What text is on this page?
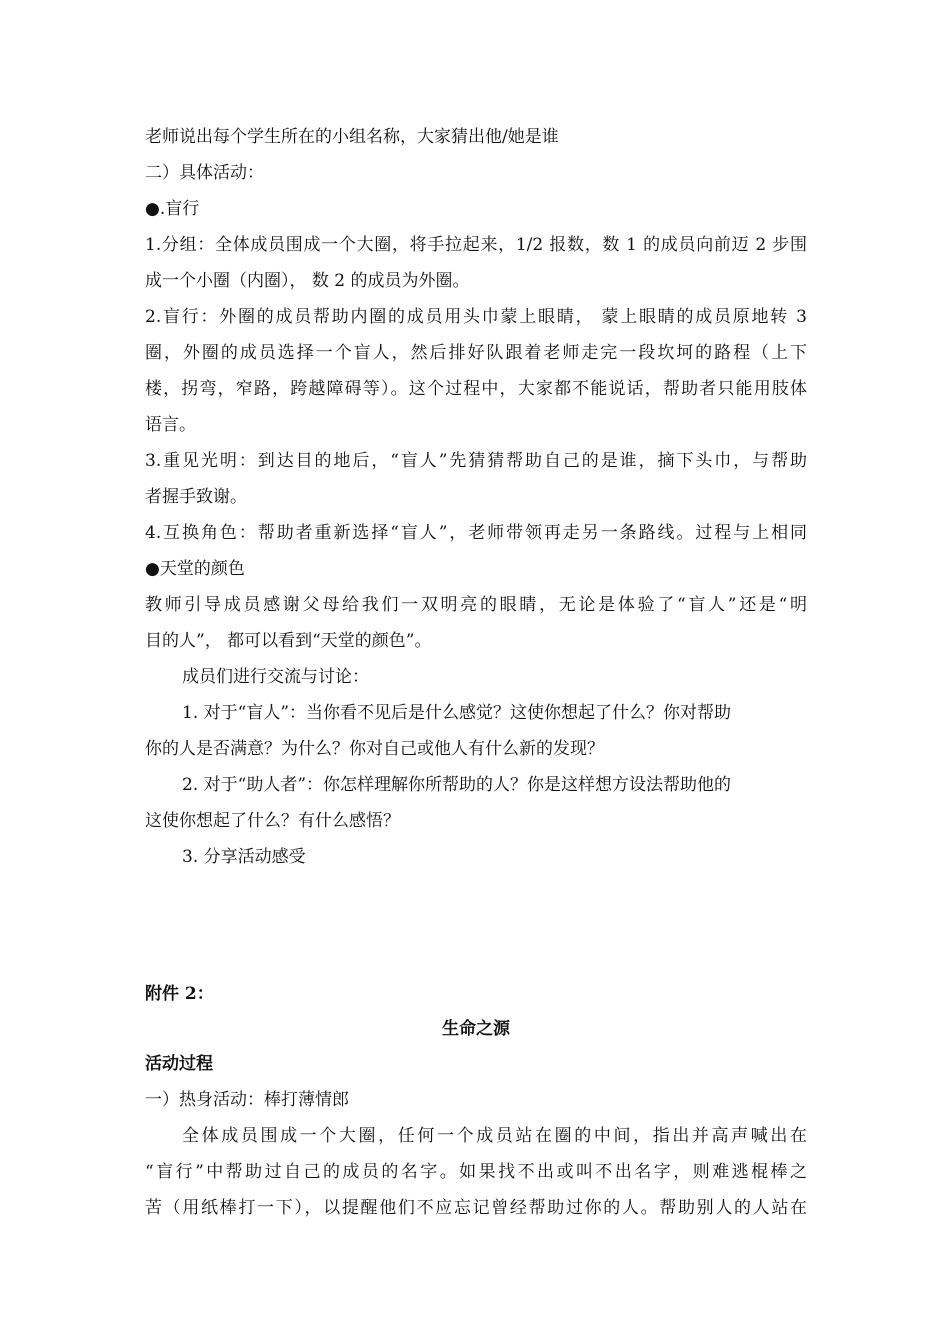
老师说出每个学生所在的小组名称，大家猜出他/她是谁
二）具体活动：
●.盲行
1.分组：全体成员围成一个大圈，将手拉起来，1/2 报数，数 1 的成员向前迈 2 步围
成一个小圈（内圈）， 数 2 的成员为外圈。
2.盲行：外圈的成员帮助内圈的成员用头巾蒙上眼睛， 蒙上眼睛的成员原地转 3
圈，外圈的成员选择一个盲人，然后排好队跟着老师走完一段坎坷的路程（上下
楼，拐弯，窄路，跨越障碍等）。这个过程中，大家都不能说话，帮助者只能用肢体
语言。
3.重见光明：到达目的地后，“盲人”先猜猜帮助自己的是谁，摘下头巾，与帮助
者握手致谢。
4.互换角色：帮助者重新选择“盲人”，老师带领再走另一条路线。过程与上相同
●天堂的颜色
教师引导成员感谢父母给我们一双明亮的眼睛，无论是体验了“盲人”还是“明
目的人”， 都可以看到“天堂的颜色”。
成员们进行交流与讨论：
1. 对于“盲人”：当你看不见后是什么感觉？这使你想起了什么？你对帮助
你的人是否满意？为什么？你对自己或他人有什么新的发现？
2. 对于“助人者”：你怎样理解你所帮助的人？你是这样想方设法帮助他的
这使你想起了什么？有什么感悟？
3. 分享活动感受
附件 2：
生命之源
活动过程
一）热身活动：棒打薄情郎
全体成员围成一个大圈，任何一个成员站在圈的中间，指出并高声喊出在
“盲行”中帮助过自己的成员的名字。如果找不出或叫不出名字，则难逃棍棒之
苦（用纸棒打一下），以提醒他们不应忘记曾经帮助过你的人。帮助别人的人站在
